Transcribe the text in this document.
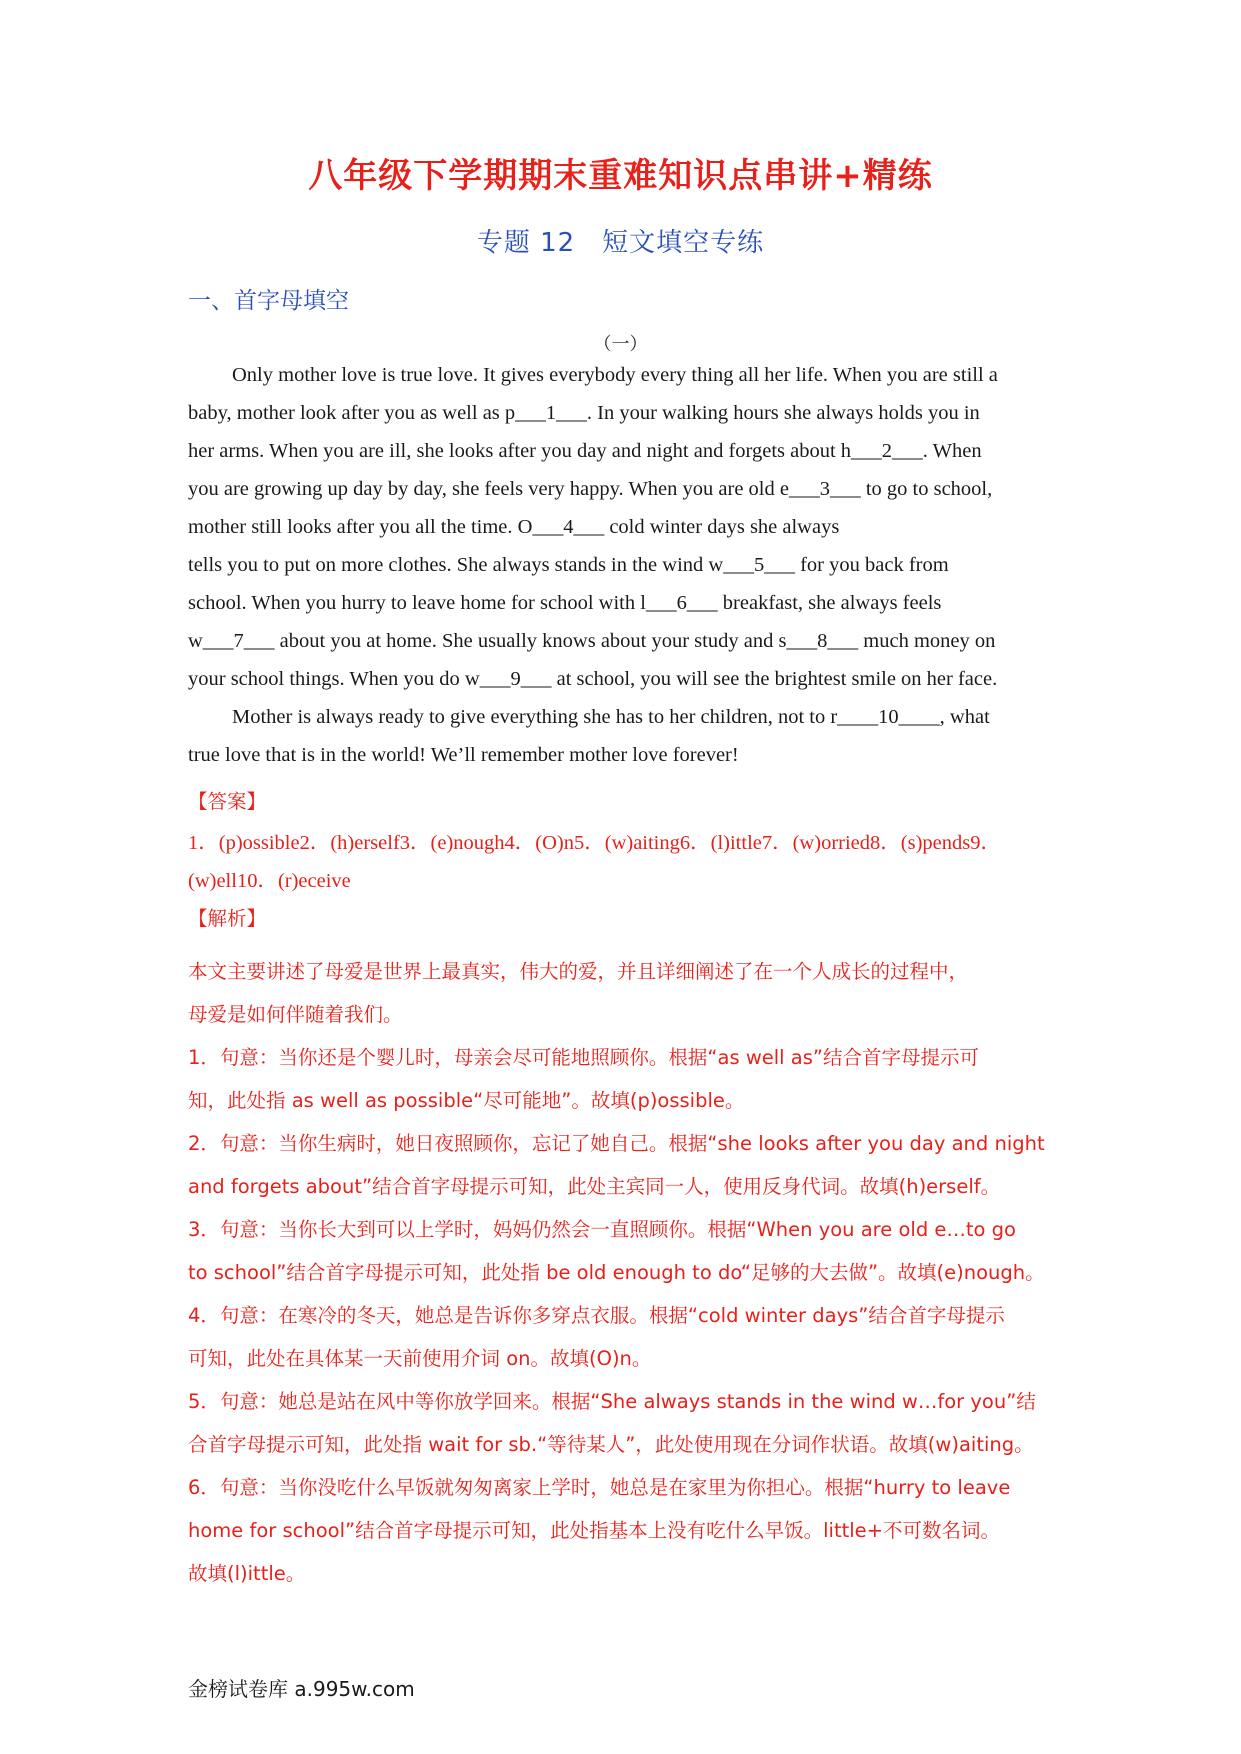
八年级下学期期末重难知识点串讲+精练
专题 12　短文填空专练
一、首字母填空
（一）
Only mother love is true love. It gives everybody every thing all her life. When you are still a
baby, mother look after you as well as p___1___. In your walking hours she always holds you in
her arms. When you are ill, she looks after you day and night and forgets about h___2___. When
you are growing up day by day, she feels very happy. When you are old e___3___ to go to school,
mother still looks after you all the time. O___4___ cold winter days she always
tells you to put on more clothes. She always stands in the wind w___5___ for you back from
school. When you hurry to leave home for school with l___6___ breakfast, she always feels
w___7___ about you at home. She usually knows about your study and s___8___ much money on
your school things. When you do w___9___ at school, you will see the brightest smile on her face.
Mother is always ready to give everything she has to her children, not to r____10____, what
true love that is in the world! We’ll remember mother love forever!
【答案】
1．(p)ossible2．(h)erself3．(e)nough4．(O)n5．(w)aiting6．(l)ittle7．(w)orried8．(s)pends9．
(w)ell10．(r)eceive
【解析】
本文主要讲述了母爱是世界上最真实，伟大的爱，并且详细阐述了在一个人成长的过程中，
母爱是如何伴随着我们。
1．句意：当你还是个婴儿时，母亲会尽可能地照顾你。根据“as well as”结合首字母提示可
知，此处指 as well as possible“尽可能地”。故填(p)ossible。
2．句意：当你生病时，她日夜照顾你，忘记了她自己。根据“she looks after you day and night
and forgets about”结合首字母提示可知，此处主宾同一人，使用反身代词。故填(h)erself。
3．句意：当你长大到可以上学时，妈妈仍然会一直照顾你。根据“When you are old e…to go
to school”结合首字母提示可知，此处指 be old enough to do“足够的大去做”。故填(e)nough。
4．句意：在寒冷的冬天，她总是告诉你多穿点衣服。根据“cold winter days”结合首字母提示
可知，此处在具体某一天前使用介词 on。故填(O)n。
5．句意：她总是站在风中等你放学回来。根据“She always stands in the wind w…for you”结
合首字母提示可知，此处指 wait for sb.“等待某人”，此处使用现在分词作状语。故填(w)aiting。
6．句意：当你没吃什么早饭就匆匆离家上学时，她总是在家里为你担心。根据“hurry to leave
home for school”结合首字母提示可知，此处指基本上没有吃什么早饭。little+不可数名词。
故填(l)ittle。
金榜试卷库 a.995w.com
